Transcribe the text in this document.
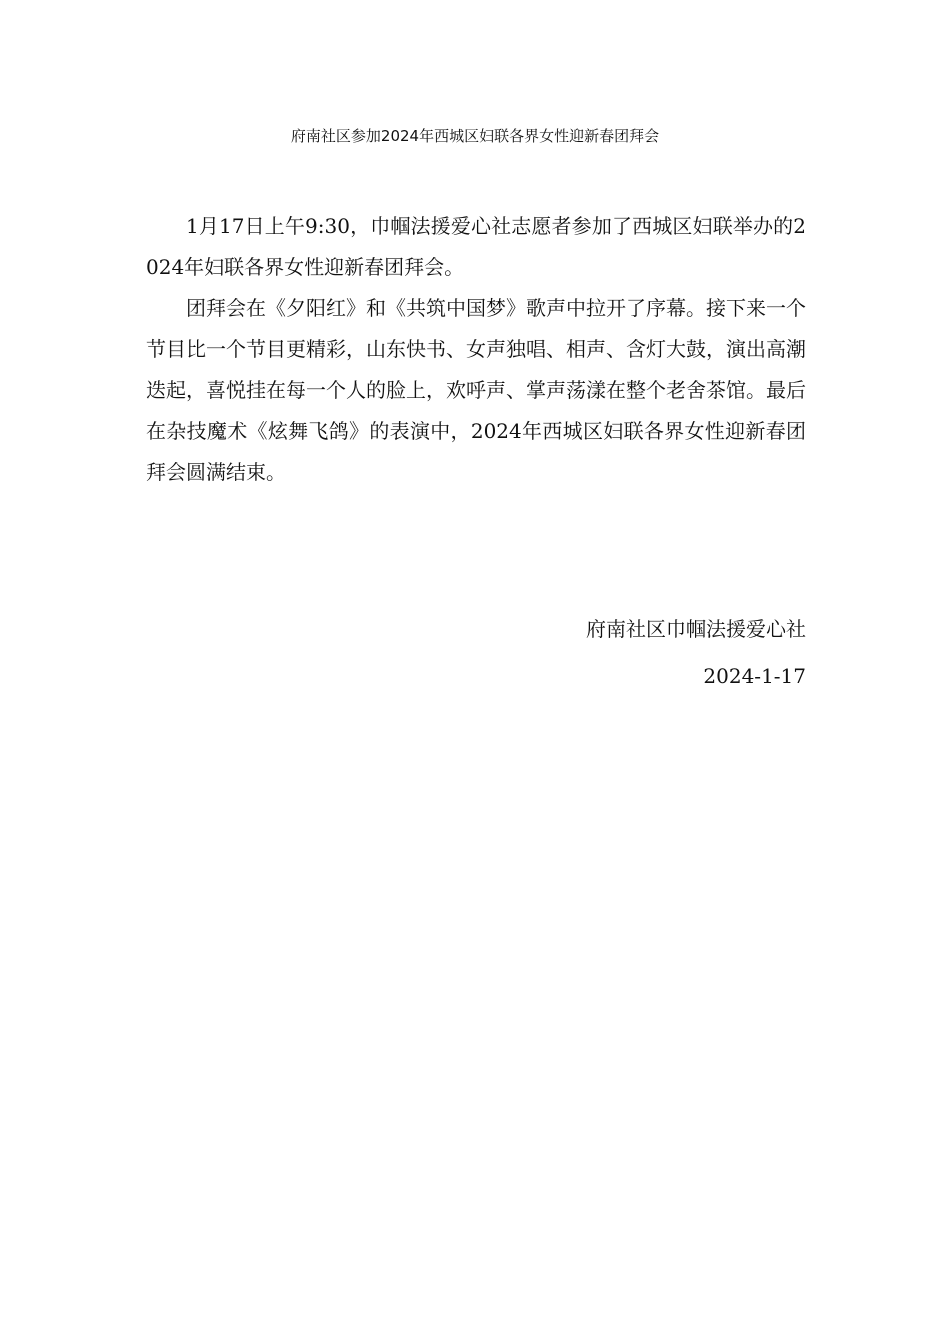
府南社区参加2024年西城区妇联各界女性迎新春团拜会

1月17日上午9:30，巾帼法援爱心社志愿者参加了西城区妇联举办的2024年妇联各界女性迎新春团拜会。

团拜会在《夕阳红》和《共筑中国梦》歌声中拉开了序幕。接下来一个节目比一个节目更精彩，山东快书、女声独唱、相声、含灯大鼓，演出高潮迭起，喜悦挂在每一个人的脸上，欢呼声、掌声荡漾在整个老舍茶馆。最后在杂技魔术《炫舞飞鸽》的表演中，2024年西城区妇联各界女性迎新春团拜会圆满结束。

府南社区巾帼法援爱心社
2024-1-17
